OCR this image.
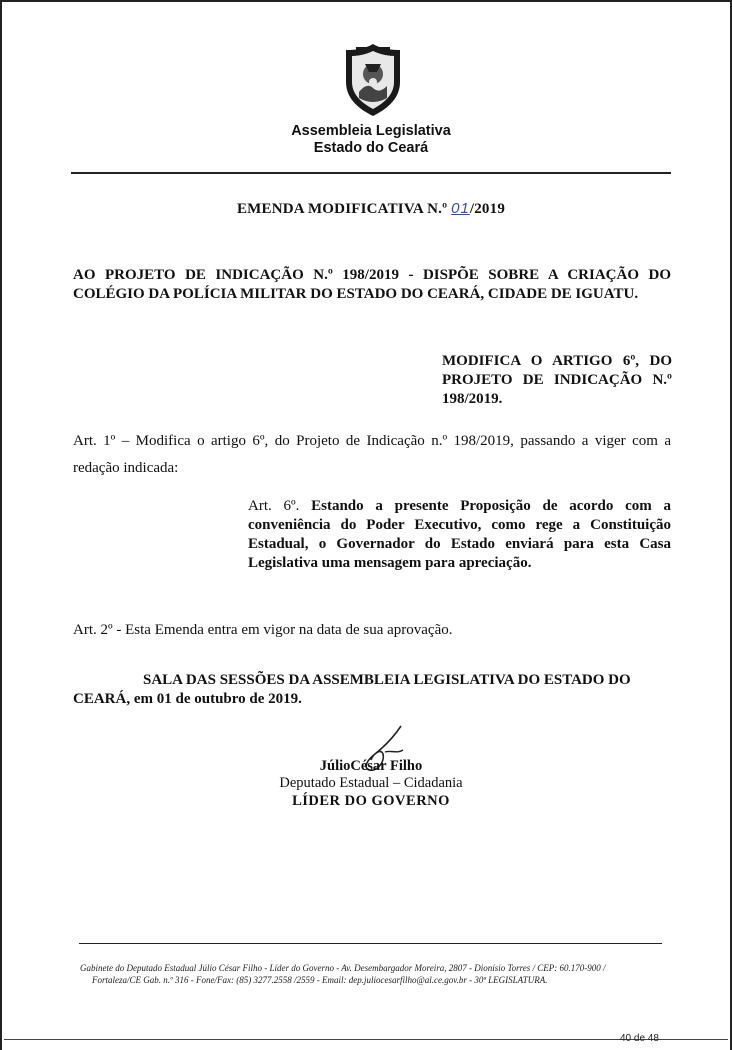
Assembleia Legislativa
Estado do Ceará
EMENDA MODIFICATIVA N.º 01/2019
AO PROJETO DE INDICAÇÃO N.º 198/2019 - DISPÕE SOBRE A CRIAÇÃO DO
COLÉGIO DA POLÍCIA MILITAR DO ESTADO DO CEARÁ, CIDADE DE IGUATU.
MODIFICA O ARTIGO 6º, DO
PROJETO DE INDICAÇÃO N.º
198/2019.
Art. 1º – Modifica o artigo 6º, do Projeto de Indicação n.º 198/2019, passando a viger com a
redação indicada:
Art. 6º. Estando a presente Proposição de acordo com a
conveniência do Poder Executivo, como rege a Constituição
Estadual, o Governador do Estado enviará para esta Casa
Legislativa uma mensagem para apreciação.
Art. 2º - Esta Emenda entra em vigor na data de sua aprovação.
SALA DAS SESSÕES DA ASSEMBLEIA LEGISLATIVA DO ESTADO DO
CEARÁ, em 01 de outubro de 2019.
JúlioCésar Filho
Deputado Estadual – Cidadania
LÍDER DO GOVERNO
Gabinete do Deputado Estadual Júlio César Filho - Líder do Governo - Av. Desembargador Moreira, 2807 - Dionísio Torres / CEP: 60.170-900 /
Fortaleza/CE Gab. n.º 316 - Fone/Fax: (85) 3277.2558 /2559 - Email: dep.juliocesarfilho@al.ce.gov.br - 30ª LEGISLATURA.
40 de 48
